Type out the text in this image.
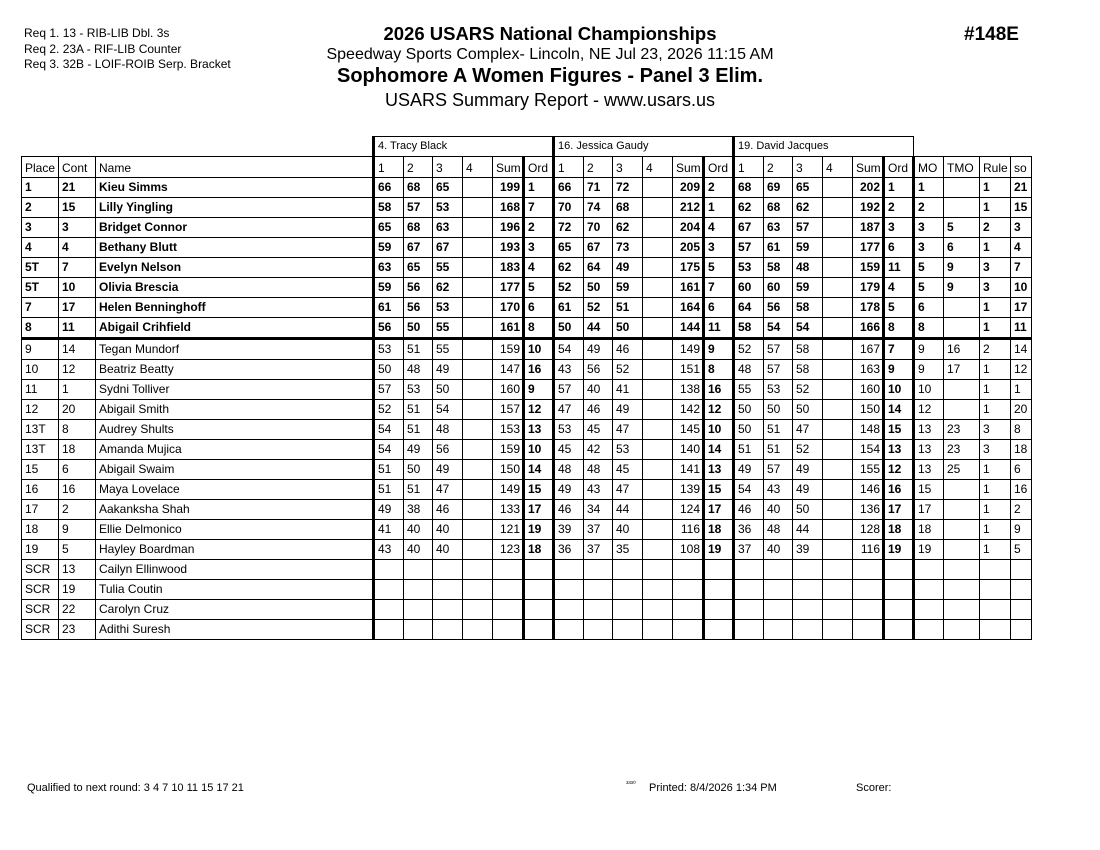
Req 1. 13 - RIB-LIB Dbl. 3s
Req 2. 23A - RIF-LIB Counter
Req 3. 32B - LOIF-ROIB Serp. Bracket
2026 USARS National Championships
Speedway Sports Complex- Lincoln, NE Jul 23, 2026 11:15 AM
Sophomore A Women Figures - Panel 3 Elim.
USARS Summary Report - www.usars.us
#148E
			4. Tracy Black						16. Jessica Gaudy						19. David Jacques									
Place	Cont	Name	1	2	3	4	Sum	Ord	1	2	3	4	Sum	Ord	1	2	3	4	Sum	Ord	MO	TMO	Rule	so
1	21	Kieu Simms	66	68	65		199	1	66	71	72		209	2	68	69	65		202	1	1		1	21
2	15	Lilly Yingling	58	57	53		168	7	70	74	68		212	1	62	68	62		192	2	2		1	15
3	3	Bridget Connor	65	68	63		196	2	72	70	62		204	4	67	63	57		187	3	3	5	2	3
4	4	Bethany Blutt	59	67	67		193	3	65	67	73		205	3	57	61	59		177	6	3	6	1	4
5T	7	Evelyn Nelson	63	65	55		183	4	62	64	49		175	5	53	58	48		159	11	5	9	3	7
5T	10	Olivia Brescia	59	56	62		177	5	52	50	59		161	7	60	60	59		179	4	5	9	3	10
7	17	Helen Benninghoff	61	56	53		170	6	61	52	51		164	6	64	56	58		178	5	6		1	17
8	11	Abigail Crihfield	56	50	55		161	8	50	44	50		144	11	58	54	54		166	8	8		1	11
9	14	Tegan Mundorf	53	51	55		159	10	54	49	46		149	9	52	57	58		167	7	9	16	2	14
10	12	Beatriz Beatty	50	48	49		147	16	43	56	52		151	8	48	57	58		163	9	9	17	1	12
11	1	Sydni Tolliver	57	53	50		160	9	57	40	41		138	16	55	53	52		160	10	10		1	1
12	20	Abigail Smith	52	51	54		157	12	47	46	49		142	12	50	50	50		150	14	12		1	20
13T	8	Audrey Shults	54	51	48		153	13	53	45	47		145	10	50	51	47		148	15	13	23	3	8
13T	18	Amanda Mujica	54	49	56		159	10	45	42	53		140	14	51	51	52		154	13	13	23	3	18
15	6	Abigail Swaim	51	50	49		150	14	48	48	45		141	13	49	57	49		155	12	13	25	1	6
16	16	Maya Lovelace	51	51	47		149	15	49	43	47		139	15	54	43	49		146	16	15		1	16
17	2	Aakanksha Shah	49	38	46		133	17	46	34	44		124	17	46	40	50		136	17	17		1	2
18	9	Ellie Delmonico	41	40	40		121	19	39	37	40		116	18	36	48	44		128	18	18		1	9
19	5	Hayley Boardman	43	40	40		123	18	36	37	35		108	19	37	40	39		116	19	19		1	5
SCR	13	Cailyn Ellinwood																						
SCR	19	Tulia Coutin																						
SCR	22	Carolyn Cruz																						
SCR	23	Adithi Suresh																						
Qualified to next round: 3 4 7 10 11 15 17 21	³³³⁰ Printed: 8/4/2026 1:34 PM	Scorer:
